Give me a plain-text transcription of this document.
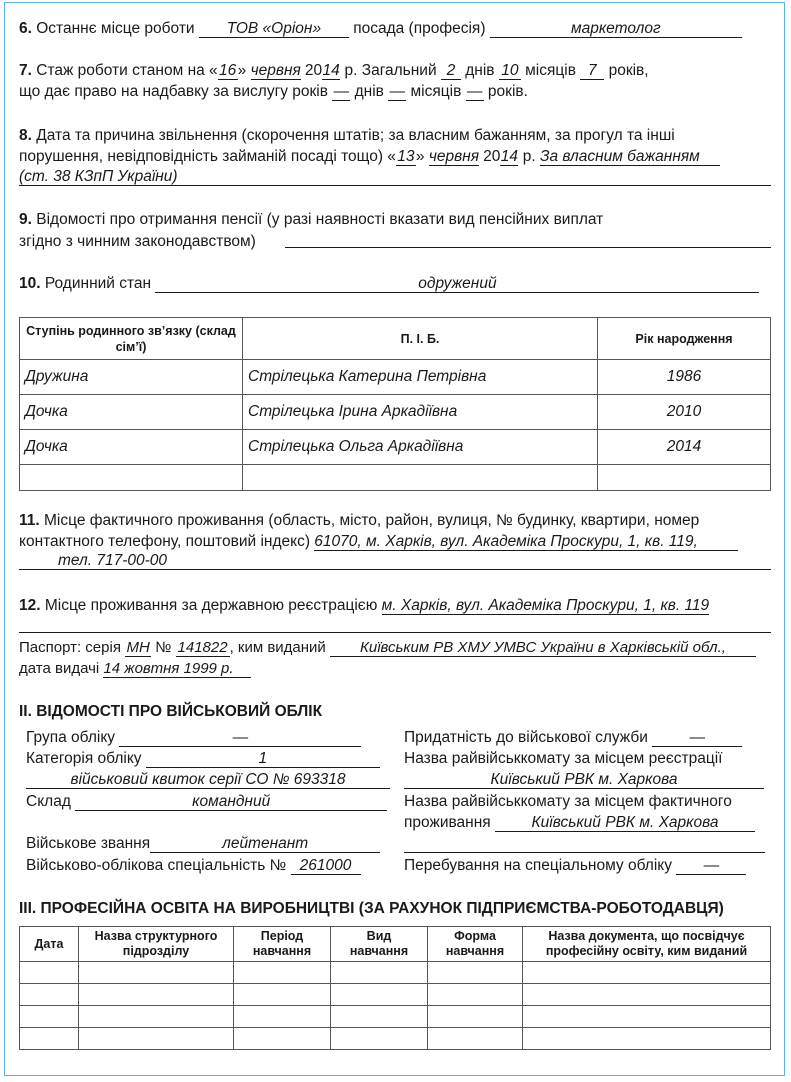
6. Останнє місце роботи ТОВ «Оріон» посада (професія)	маркетолог
7. Стаж роботи станом на «16» червня 2014 р. Загальний 2 днів 10 місяців 7 років,
що дає право на надбавку за вислугу років — днів — місяців — років.
8. Дата та причина звільнення (скорочення штатів; за власним бажанням, за прогул та інші
порушення, невідповідність займаній посаді тощо) «13» червня 2014 р. За власним бажанням
(ст. 38 КЗпП України)
9. Відомості про отримання пенсії (у разі наявності вказати вид пенсійних виплат
згідно з чинним законодавством)
10. Родинний стан	одружений
Ступінь родинного зв’язку (склад сім’ї)	П. І. Б.	Рік народження
Дружина	Стрілецька Катерина Петрівна	1986
Дочка	Стрілецька Ірина Аркадіївна	2010
Дочка	Стрілецька Ольга Аркадіївна	2014

11. Місце фактичного проживання (область, місто, район, вулиця, № будинку, квартири, номер
контактного телефону, поштовий індекс) 61070, м. Харків, вул. Академіка Проскури, 1, кв. 119,
тел. 717-00-00
12. Місце проживання за державною реєстрацією м. Харків, вул. Академіка Проскури, 1, кв. 119
Паспорт: серія МН № 141822 , ким виданий Київським РВ ХМУ УМВС України в Харківській обл.,
дата видачі 14 жовтня 1999 р.
II. ВІДОМОСТІ ПРО ВІЙСЬКОВИЙ ОБЛІК
Група обліку	—
Категорія обліку	1
військовий квиток серії СО № 693318
Склад	командний
Військове звання	лейтенант
Військово-облікова спеціальність № 261000
Придатність до військової служби	—
Назва райвійськкомату за місцем реєстрації
Київський РВК м. Харкова
Назва райвійськкомату за місцем фактичного
проживання	Київський РВК м. Харкова
Перебування на спеціальному обліку —
III. ПРОФЕСІЙНА ОСВІТА НА ВИРОБНИЦТВІ (ЗА РАХУНОК ПІДПРИЄМСТВА-РОБОТОДАВЦЯ)
Дата	Назва структурного підрозділу	Період навчання	Вид навчання	Форма навчання	Назва документа, що посвідчує професійну освіту, ким виданий
